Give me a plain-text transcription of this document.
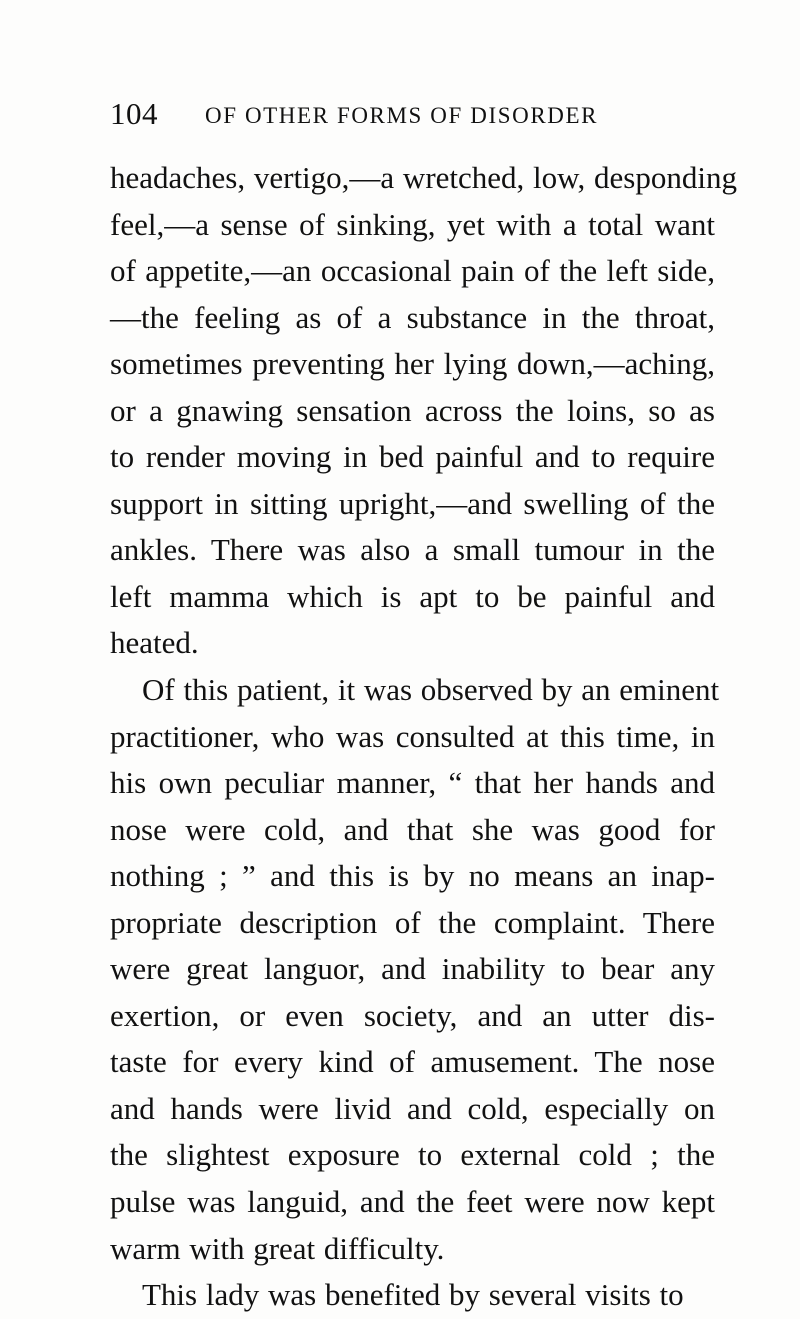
104 OF OTHER FORMS OF DISORDER
headaches, vertigo,—a wretched, low, desponding
feel,—a sense of sinking, yet with a total want
of appetite,—an occasional pain of the left side,
—the feeling as of a substance in the throat,
sometimes preventing her lying down,—aching,
or a gnawing sensation across the loins, so as
to render moving in bed painful and to require
support in sitting upright,—and swelling of the
ankles. There was also a small tumour in the
left mamma which is apt to be painful and
heated.
Of this patient, it was observed by an eminent
practitioner, who was consulted at this time, in
his own peculiar manner, “ that her hands and
nose were cold, and that she was good for
nothing ; ” and this is by no means an inap-
propriate description of the complaint. There
were great languor, and inability to bear any
exertion, or even society, and an utter dis-
taste for every kind of amusement. The nose
and hands were livid and cold, especially on
the slightest exposure to external cold ; the
pulse was languid, and the feet were now kept
warm with great difficulty.
This lady was benefited by several visits to
